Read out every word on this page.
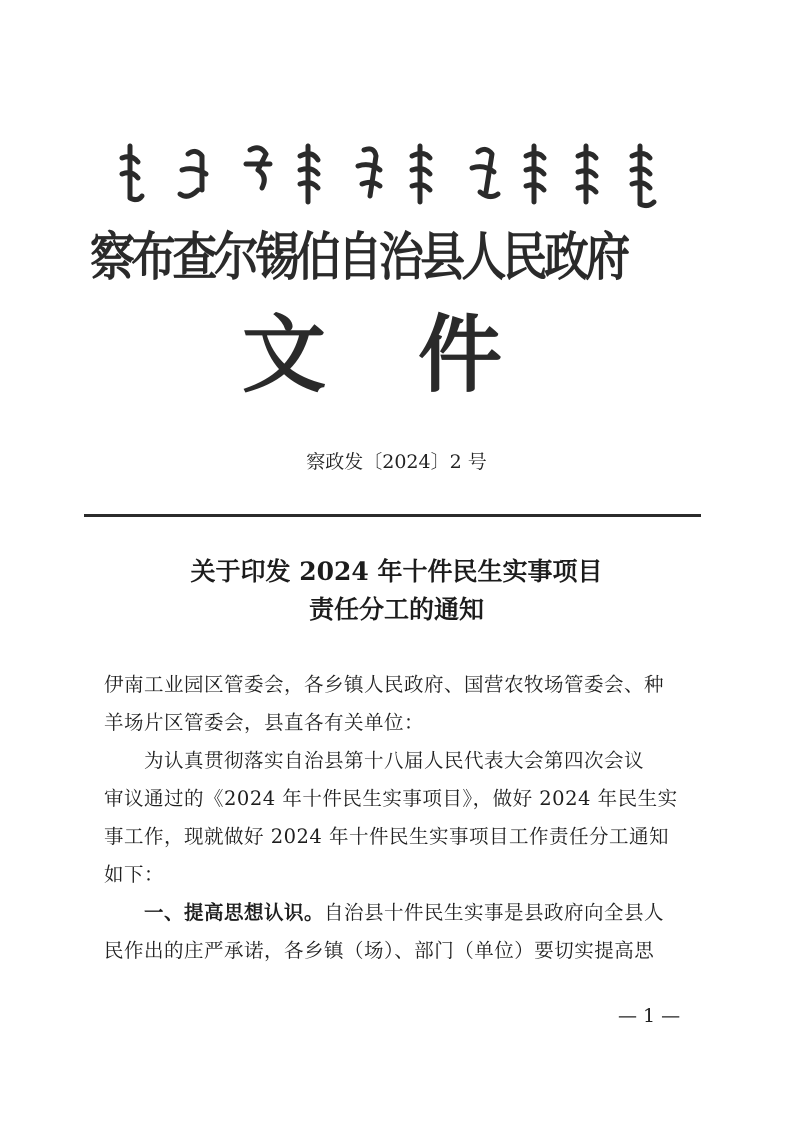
察布查尔锡伯自治县人民政府
文 件
察政发〔2024〕2 号
关于印发 2024 年十件民生实事项目
责任分工的通知
伊南工业园区管委会，各乡镇人民政府、国营农牧场管委会、种
羊场片区管委会，县直各有关单位：
为认真贯彻落实自治县第十八届人民代表大会第四次会议
审议通过的《2024 年十件民生实事项目》，做好 2024 年民生实
事工作，现就做好 2024 年十件民生实事项目工作责任分工通知
如下：
一、提高思想认识。自治县十件民生实事是县政府向全县人
民作出的庄严承诺，各乡镇（场）、部门（单位）要切实提高思
— 1 —
